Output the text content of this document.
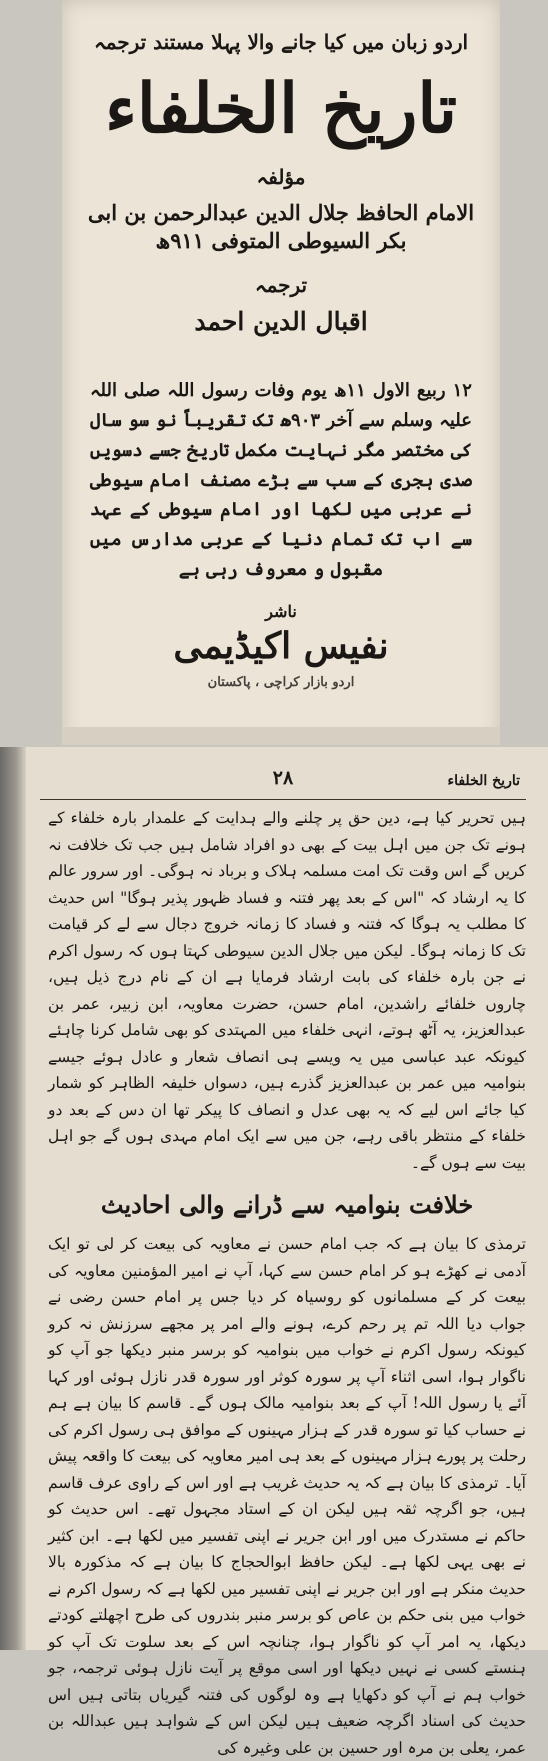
اردو زبان میں کیا جانے والا پہلا مستند ترجمہ
تاریخ الخلفاء
مؤلفہ
الامام الحافظ جلال الدین عبدالرحمن بن ابی بکر السیوطی المتوفی ۹۱۱ھ
ترجمہ
اقبال الدین احمد

۱۲ ربیع الاول ۱۱ھ یوم وفات رسول اللہ صلی اللہ علیہ وسلم سے آخر ۹۰۳ھ تک تقریباً نو سو سال کی مختصر مگر نہایت مکمل تاریخ جسے دسویں صدی ہجری کے سب سے بڑے مصنف امام سیوطی نے عربی میں لکھا اور امام سیوطی کے عہد سے اب تک تمام دنیا کے عربی مدارس میں مقبول و معروف رہی ہے

ناشر
نفیس اکیڈیمی
اردو بازار کراچی ، پاکستان
تاریخ الخلفاء
۲۸

ہیں تحریر کیا ہے، دین حق پر چلنے والے ہدایت کے علمدار بارہ خلفاء کے ہونے تک جن میں اہل بیت کے بھی دو افراد شامل ہیں جب تک خلافت نہ کریں گے اس وقت تک امت مسلمہ ہلاک و برباد نہ ہوگی۔ اور سرور عالم کا یہ ارشاد کہ "اس کے بعد پھر فتنہ و فساد ظہور پذیر ہوگا" اس حدیث کا مطلب یہ ہوگا کہ فتنہ و فساد کا زمانہ خروج دجال سے لے کر قیامت تک کا زمانہ ہوگا۔ لیکن میں جلال الدین سیوطی کہتا ہوں کہ رسول اکرم نے جن بارہ خلفاء کی بابت ارشاد فرمایا ہے ان کے نام درج ذیل ہیں، چاروں خلفائے راشدین، امام حسن، حضرت معاویہ، ابن زبیر، عمر بن عبدالعزیز، یہ آٹھ ہوتے، انہی خلفاء میں المہتدی کو بھی شامل کرنا چاہئے کیونکہ عبد عباسی میں یہ ویسے ہی انصاف شعار و عادل ہوئے جیسے بنوامیہ میں عمر بن عبدالعزیز گذرے ہیں، دسواں خلیفہ الظاہر کو شمار کیا جائے اس لیے کہ یہ بھی عدل و انصاف کا پیکر تھا ان دس کے بعد دو خلفاء کے منتظر باقی رہے، جن میں سے ایک امام مہدی ہوں گے جو اہل بیت سے ہوں گے۔

خلافت بنوامیہ سے ڈرانے والی احادیث

ترمذی کا بیان ہے کہ جب امام حسن نے معاویہ کی بیعت کر لی تو ایک آدمی نے کھڑے ہو کر امام حسن سے کہا، آپ نے امیر المؤمنین معاویہ کی بیعت کر کے مسلمانوں کو روسیاہ کر دیا جس پر امام حسن رضی نے جواب دیا اللہ تم پر رحم کرے، ہونے والے امر پر مجھے سرزنش نہ کرو کیونکہ رسول اکرم نے خواب میں بنوامیہ کو برسر منبر دیکھا جو آپ کو ناگوار ہوا، اسی اثناء آپ پر سورہ کوثر اور سورہ قدر نازل ہوئی اور کہا آئے یا رسول اللہ! آپ کے بعد بنوامیہ مالک ہوں گے۔ قاسم کا بیان ہے ہم نے حساب کیا تو سورہ قدر کے ہزار مہینوں کے موافق ہی رسول اکرم کی رحلت پر پورے ہزار مہینوں کے بعد ہی امیر معاویہ کی بیعت کا واقعہ پیش آیا۔ ترمذی کا بیان ہے کہ یہ حدیث غریب ہے اور اس کے راوی عرف قاسم ہیں، جو اگرچہ ثقہ ہیں لیکن ان کے استاد مجہول تھے۔ اس حدیث کو حاکم نے مستدرک میں اور ابن جریر نے اپنی تفسیر میں لکھا ہے۔ ابن کثیر نے بھی یہی لکھا ہے۔ لیکن حافظ ابوالحجاج کا بیان ہے کہ مذکورہ بالا حدیث منکر ہے اور ابن جریر نے اپنی تفسیر میں لکھا ہے کہ رسول اکرم نے خواب میں بنی حکم بن عاص کو برسر منبر بندروں کی طرح اچھلتے کودتے دیکھا، یہ امر آپ کو ناگوار ہوا، چنانچہ اس کے بعد سلوت تک آپ کو ہنستے کسی نے نہیں دیکھا اور اسی موقع پر آیت نازل ہوئی ترجمہ، جو خواب ہم نے آپ کو دکھایا ہے وہ لوگوں کی فتنہ گیریاں بتاتی ہیں اس حدیث کی اسناد اگرچہ ضعیف ہیں لیکن اس کے شواہد ہیں عبداللہ بن عمر، یعلی بن مرہ اور حسین بن علی وغیرہ کی
